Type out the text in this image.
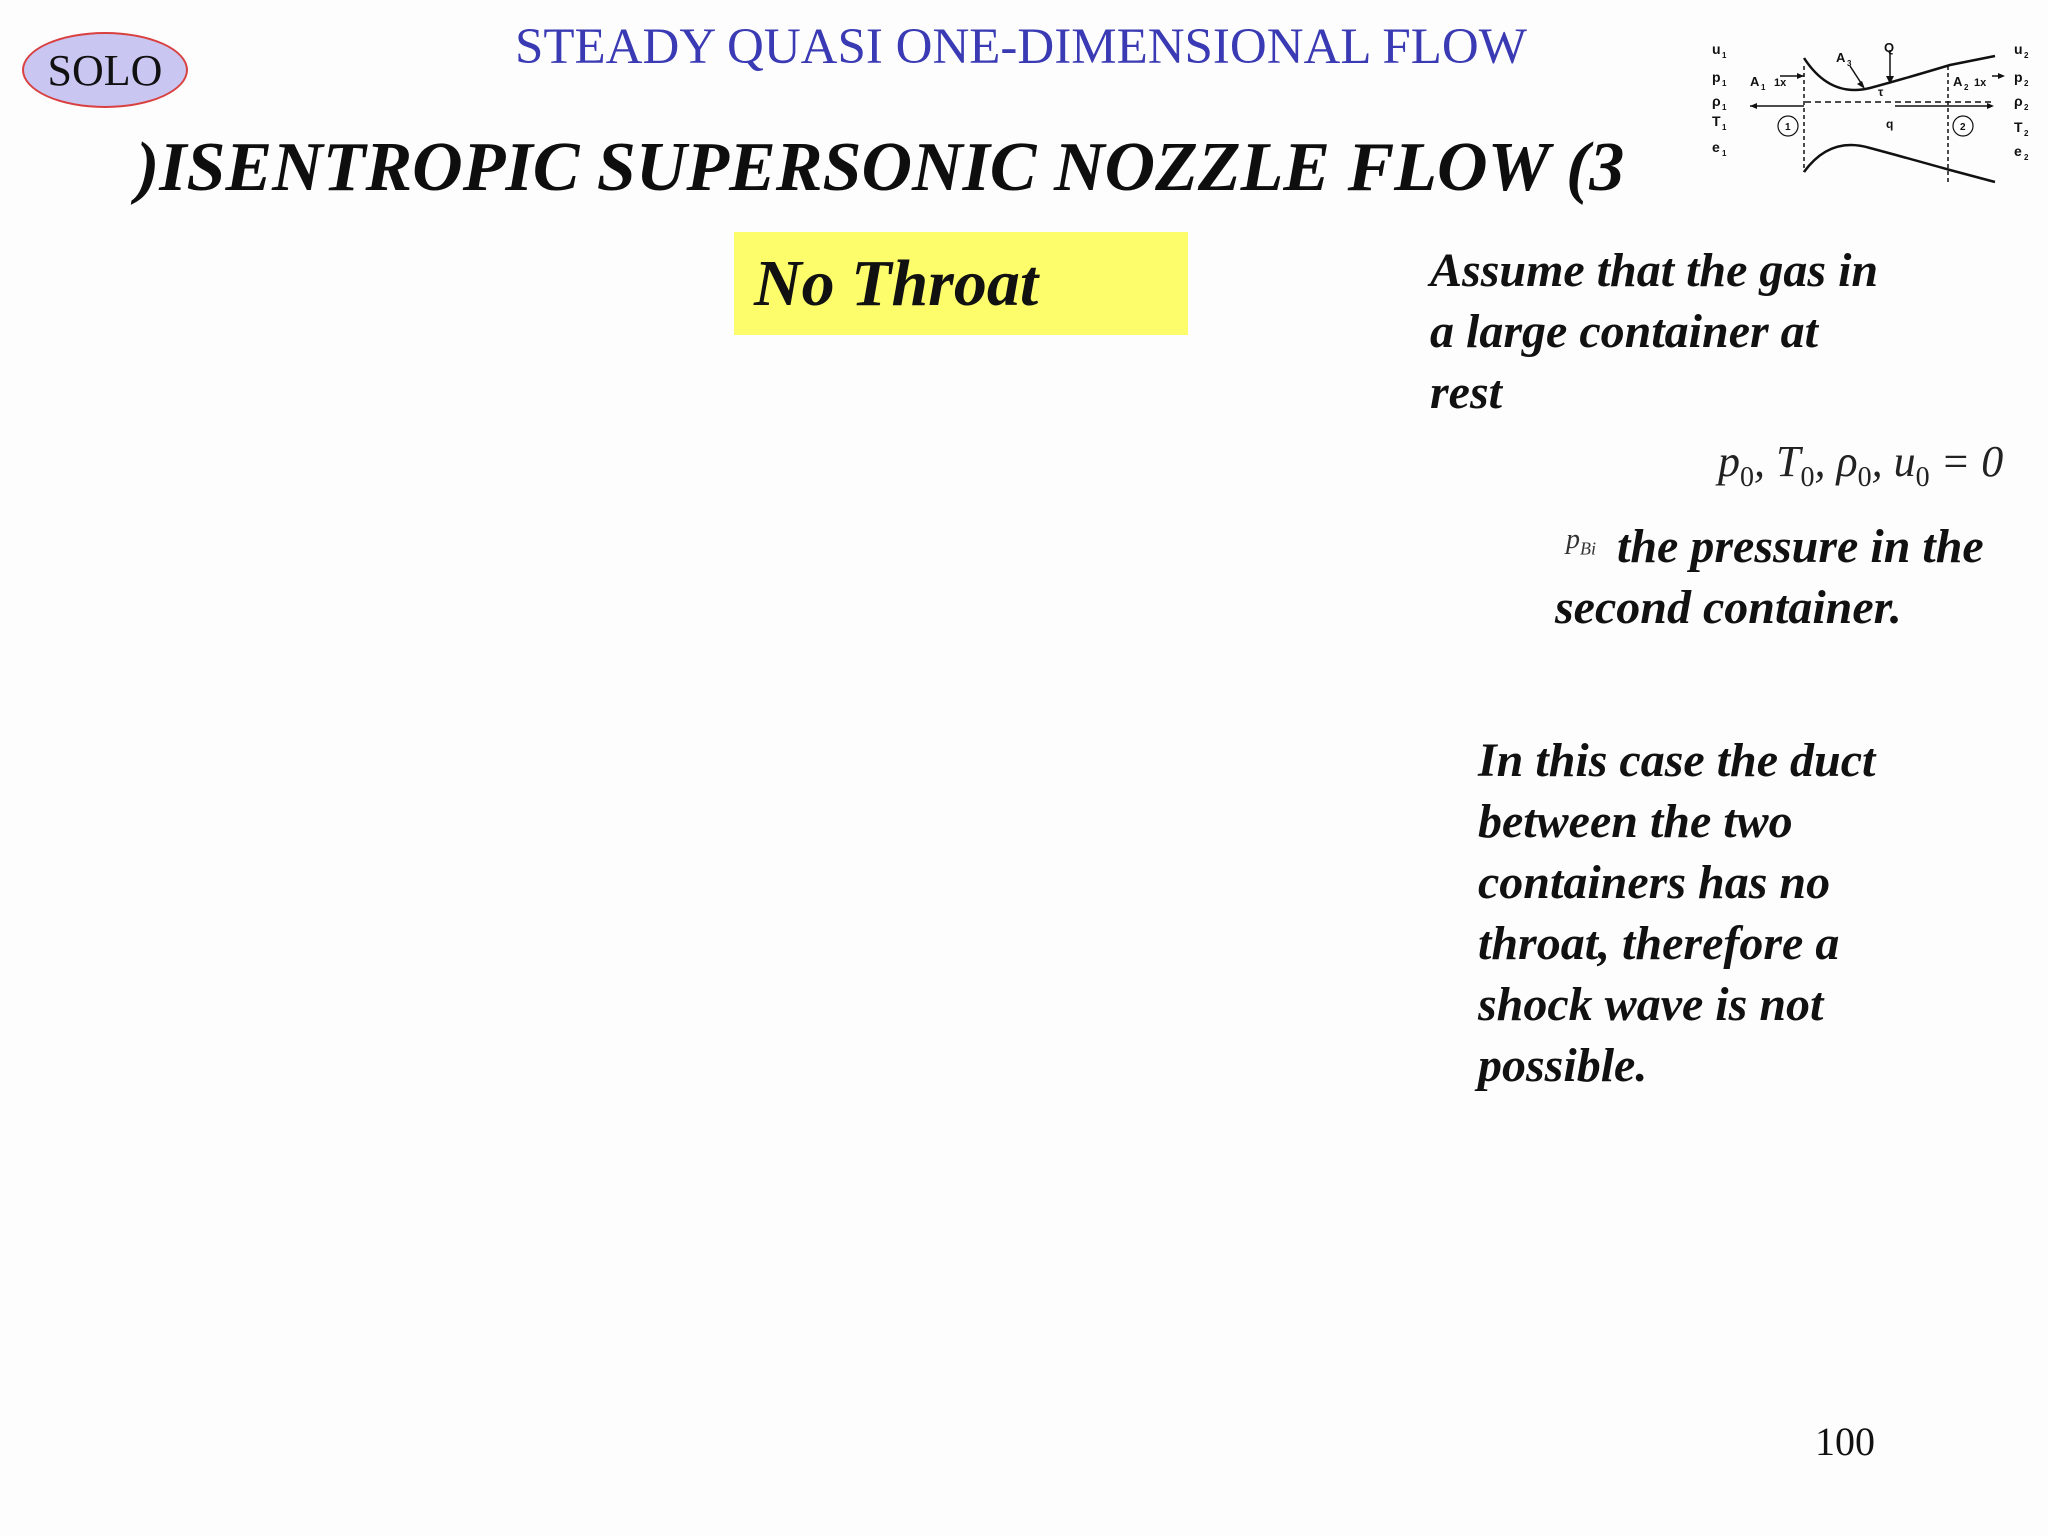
SOLO	STEADY QUASI ONE-DIMENSIONAL FLOW
)ISENTROPIC SUPERSONIC NOZZLE FLOW (3
No Throat	Assume that the gas in a large container at rest
$p_0$, $T_0$, $\rho_0$, $u_0 = 0$
$p_{Bi}$ the pressure in the second container.
In this case the duct between the two containers has no throat, therefore a shock wave is not possible.
100
u
p
ρ
T
e
1
1
1
1
1
u
p
ρ
T
e
2
2
2
2
2
A 1 1x
A 3
Q
τ
q
A 2 1x
1	2
